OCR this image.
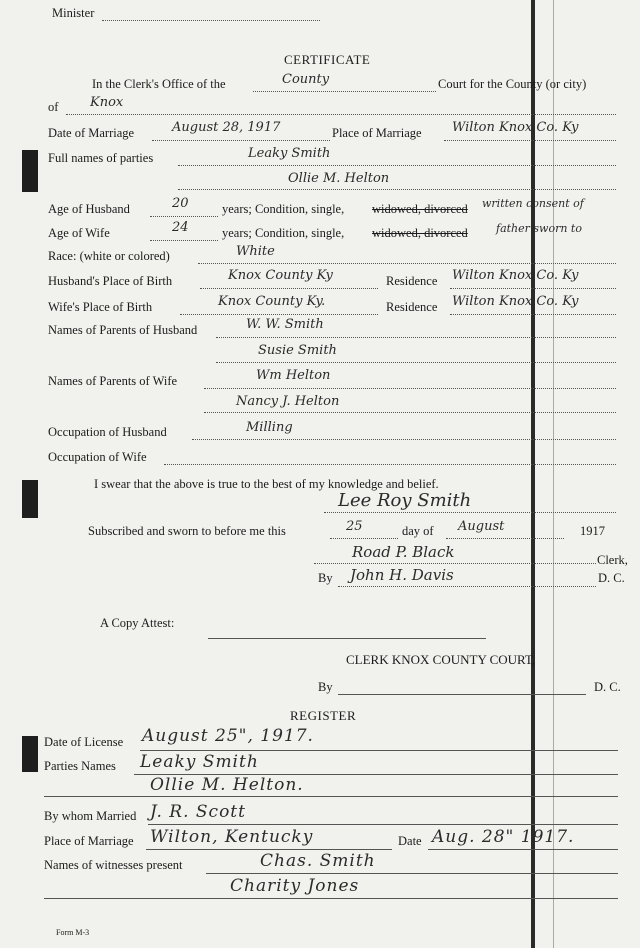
Minister
CERTIFICATE
In the Clerk's Office of the	County	Court for the County (or city)
of Knox
Date of Marriage	August 28, 1917	Place of Marriage Wilton Knox Co. Ky
Full names of parties	Leaky Smith
Ollie M. Helton
Age of Husband	20	years; Condition, single, widowed, divorced written consent of
Age of Wife	24	years; Condition, single, widowed, divorced	father sworn to
Race: (white or colored)	White
Husband's Place of Birth	Knox County Ky	Residence Wilton Knox Co. Ky
Wife's Place of Birth	Knox County Ky.	Residence Wilton Knox Co. Ky
Names of Parents of Husband	W. W. Smith
Susie Smith
Names of Parents of Wife	Wm Helton
Nancy J. Helton
Occupation of Husband	Milling
Occupation of Wife
I swear that the above is true to the best of my knowledge and belief.
Lee Roy Smith
Subscribed and sworn to before me this	25	day of August	1917
Road P. Black	Clerk,
By John H. Davis	D. C.
A Copy Attest:
CLERK KNOX COUNTY COURT,
By	D. C.
REGISTER
Date of License August 25", 1917.
Parties Names Leaky Smith
Ollie M. Helton.
By whom Married J. R. Scott
Place of Marriage Wilton, Kentucky	Date Aug. 28" 1917.
Names of witnesses present	Chas. Smith
Charity Jones
Form M-3
